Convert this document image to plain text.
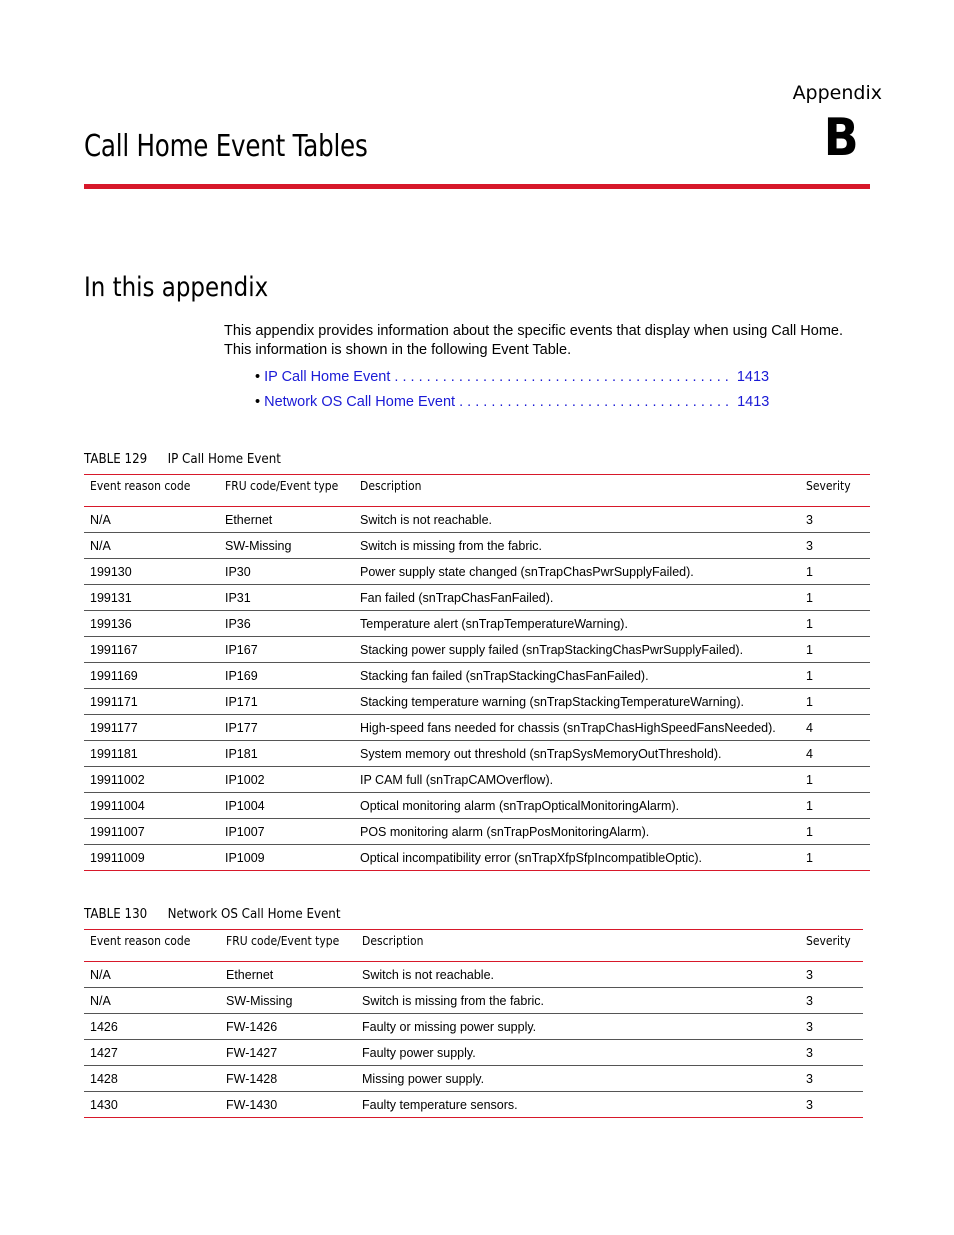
Appendix
B
Call Home Event Tables
In this appendix
This appendix provides information about the specific events that display when using Call Home. This information is shown in the following Event Table.
• IP Call Home Event . . . . . . . . . . . . . . . . . . . . . . . . . . . . . . . . . . . . . . . . . . 1413
• Network OS Call Home Event . . . . . . . . . . . . . . . . . . . . . . . . . . . . . . . . . . 1413
TABLE 129 IP Call Home Event
Event reason code	FRU code/Event type	Description	Severity
N/A	Ethernet	Switch is not reachable.	3
N/A	SW-Missing	Switch is missing from the fabric.	3
199130	IP30	Power supply state changed (snTrapChasPwrSupplyFailed).	1
199131	IP31	Fan failed (snTrapChasFanFailed).	1
199136	IP36	Temperature alert (snTrapTemperatureWarning).	1
1991167	IP167	Stacking power supply failed (snTrapStackingChasPwrSupplyFailed).	1
1991169	IP169	Stacking fan failed (snTrapStackingChasFanFailed).	1
1991171	IP171	Stacking temperature warning (snTrapStackingTemperatureWarning).	1
1991177	IP177	High-speed fans needed for chassis (snTrapChasHighSpeedFansNeeded).	4
1991181	IP181	System memory out threshold (snTrapSysMemoryOutThreshold).	4
19911002	IP1002	IP CAM full (snTrapCAMOverflow).	1
19911004	IP1004	Optical monitoring alarm (snTrapOpticalMonitoringAlarm).	1
19911007	IP1007	POS monitoring alarm (snTrapPosMonitoringAlarm).	1
19911009	IP1009	Optical incompatibility error (snTrapXfpSfpIncompatibleOptic).	1
TABLE 130 Network OS Call Home Event
Event reason code	FRU code/Event type	Description	Severity
N/A	Ethernet	Switch is not reachable.	3
N/A	SW-Missing	Switch is missing from the fabric.	3
1426	FW-1426	Faulty or missing power supply.	3
1427	FW-1427	Faulty power supply.	3
1428	FW-1428	Missing power supply.	3
1430	FW-1430	Faulty temperature sensors.	3
